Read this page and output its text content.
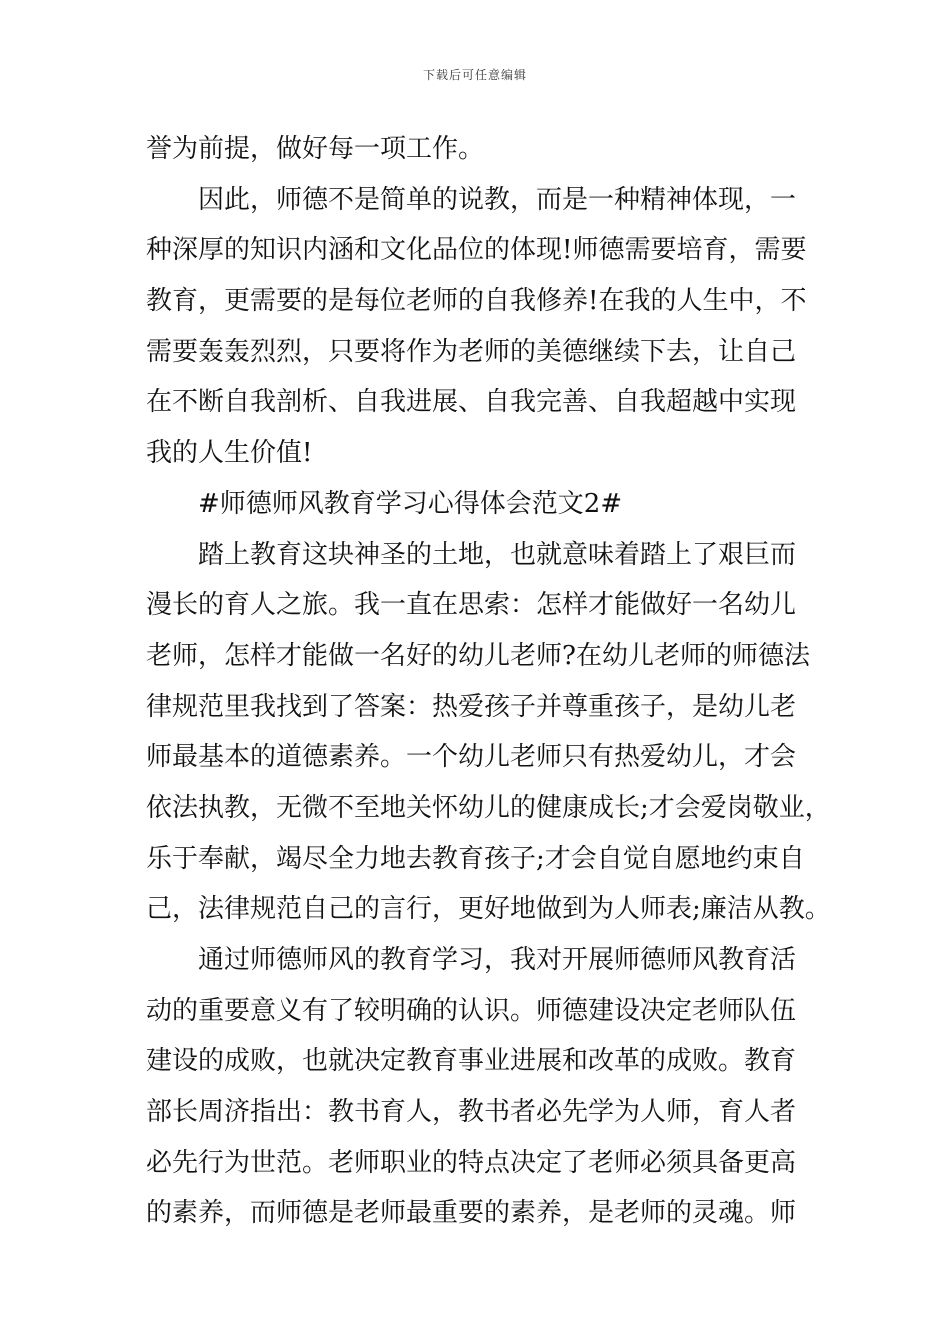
下载后可任意编辑
誉为前提，做好每一项工作。
因此，师德不是简单的说教，而是一种精神体现，一
种深厚的知识内涵和文化品位的体现!师德需要培育，需要
教育，更需要的是每位老师的自我修养!在我的人生中，不
需要轰轰烈烈，只要将作为老师的美德继续下去，让自己
在不断自我剖析、自我进展、自我完善、自我超越中实现
我的人生价值!
#师德师风教育学习心得体会范文2#
踏上教育这块神圣的土地，也就意味着踏上了艰巨而
漫长的育人之旅。我一直在思索：怎样才能做好一名幼儿
老师，怎样才能做一名好的幼儿老师?在幼儿老师的师德法
律规范里我找到了答案：热爱孩子并尊重孩子，是幼儿老
师最基本的道德素养。一个幼儿老师只有热爱幼儿，才会
依法执教，无微不至地关怀幼儿的健康成长;才会爱岗敬业，
乐于奉献，竭尽全力地去教育孩子;才会自觉自愿地约束自
己，法律规范自己的言行，更好地做到为人师表;廉洁从教。
通过师德师风的教育学习，我对开展师德师风教育活
动的重要意义有了较明确的认识。师德建设决定老师队伍
建设的成败，也就决定教育事业进展和改革的成败。教育
部长周济指出：教书育人，教书者必先学为人师，育人者
必先行为世范。老师职业的特点决定了老师必须具备更高
的素养，而师德是老师最重要的素养，是老师的灵魂。师
